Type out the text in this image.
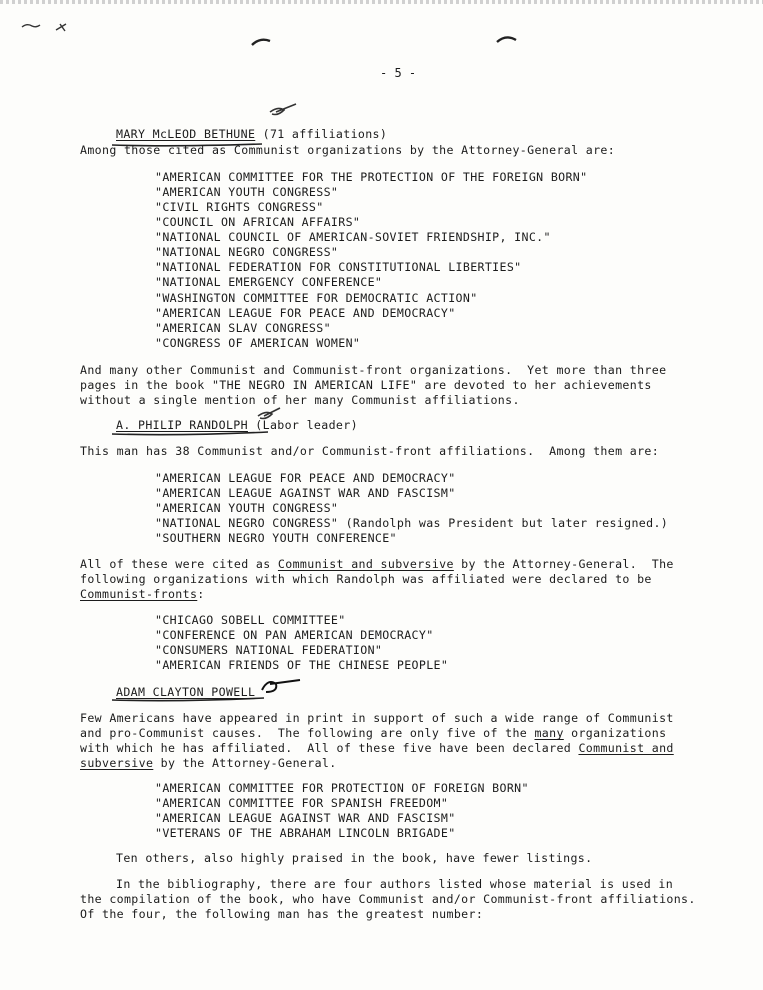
- 5 -
MARY McLEOD BETHUNE (71 affiliations)
Among those cited as Communist organizations by the Attorney-General are:
"AMERICAN COMMITTEE FOR THE PROTECTION OF THE FOREIGN BORN"
"AMERICAN YOUTH CONGRESS"
"CIVIL RIGHTS CONGRESS"
"COUNCIL ON AFRICAN AFFAIRS"
"NATIONAL COUNCIL OF AMERICAN-SOVIET FRIENDSHIP, INC."
"NATIONAL NEGRO CONGRESS"
"NATIONAL FEDERATION FOR CONSTITUTIONAL LIBERTIES"
"NATIONAL EMERGENCY CONFERENCE"
"WASHINGTON COMMITTEE FOR DEMOCRATIC ACTION"
"AMERICAN LEAGUE FOR PEACE AND DEMOCRACY"
"AMERICAN SLAV CONGRESS"
"CONGRESS OF AMERICAN WOMEN"
And many other Communist and Communist-front organizations.  Yet more than three
pages in the book "THE NEGRO IN AMERICAN LIFE" are devoted to her achievements
without a single mention of her many Communist affiliations.
A. PHILIP RANDOLPH (Labor leader)
This man has 38 Communist and/or Communist-front affiliations.  Among them are:
"AMERICAN LEAGUE FOR PEACE AND DEMOCRACY"
"AMERICAN LEAGUE AGAINST WAR AND FASCISM"
"AMERICAN YOUTH CONGRESS"
"NATIONAL NEGRO CONGRESS" (Randolph was President but later resigned.)
"SOUTHERN NEGRO YOUTH CONFERENCE"
All of these were cited as Communist and subversive by the Attorney-General.  The
following organizations with which Randolph was affiliated were declared to be
Communist-fronts:
"CHICAGO SOBELL COMMITTEE"
"CONFERENCE ON PAN AMERICAN DEMOCRACY"
"CONSUMERS NATIONAL FEDERATION"
"AMERICAN FRIENDS OF THE CHINESE PEOPLE"
ADAM CLAYTON POWELL
Few Americans have appeared in print in support of such a wide range of Communist
and pro-Communist causes.  The following are only five of the many organizations
with which he has affiliated.  All of these five have been declared Communist and
subversive by the Attorney-General.
"AMERICAN COMMITTEE FOR PROTECTION OF FOREIGN BORN"
"AMERICAN COMMITTEE FOR SPANISH FREEDOM"
"AMERICAN LEAGUE AGAINST WAR AND FASCISM"
"VETERANS OF THE ABRAHAM LINCOLN BRIGADE"
Ten others, also highly praised in the book, have fewer listings.
In the bibliography, there are four authors listed whose material is used in
the compilation of the book, who have Communist and/or Communist-front affiliations.
Of the four, the following man has the greatest number:
